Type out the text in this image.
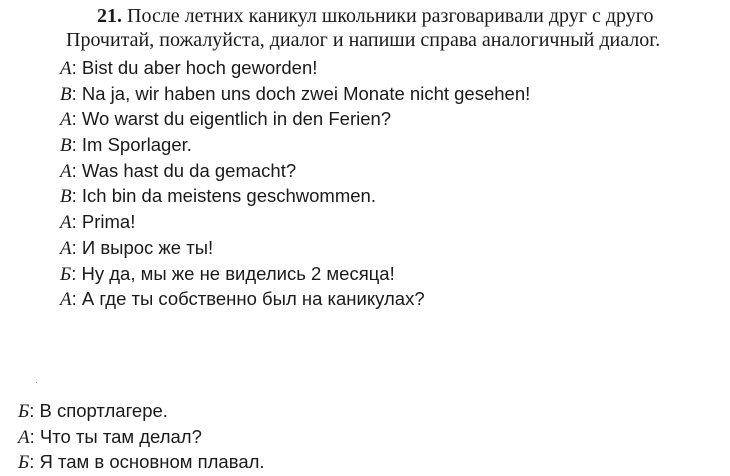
21. После летних каникул школьники разговаривали друг с друго
Прочитай, пожалуйста, диалог и напиши справа аналогичный диалог.
A: Bist du aber hoch geworden!
B: Na ja, wir haben uns doch zwei Monate nicht gesehen!
A: Wo warst du eigentlich in den Ferien?
B: Im Sporlager.
A: Was hast du da gemacht?
B: Ich bin da meistens geschwommen.
A: Prima!
А: И вырос же ты!
Б: Ну да, мы же не виделись 2 месяца!
А: А где ты собственно был на каникулах?
Б: В спортлагере.
А: Что ты там делал?
Б: Я там в основном плавал.
